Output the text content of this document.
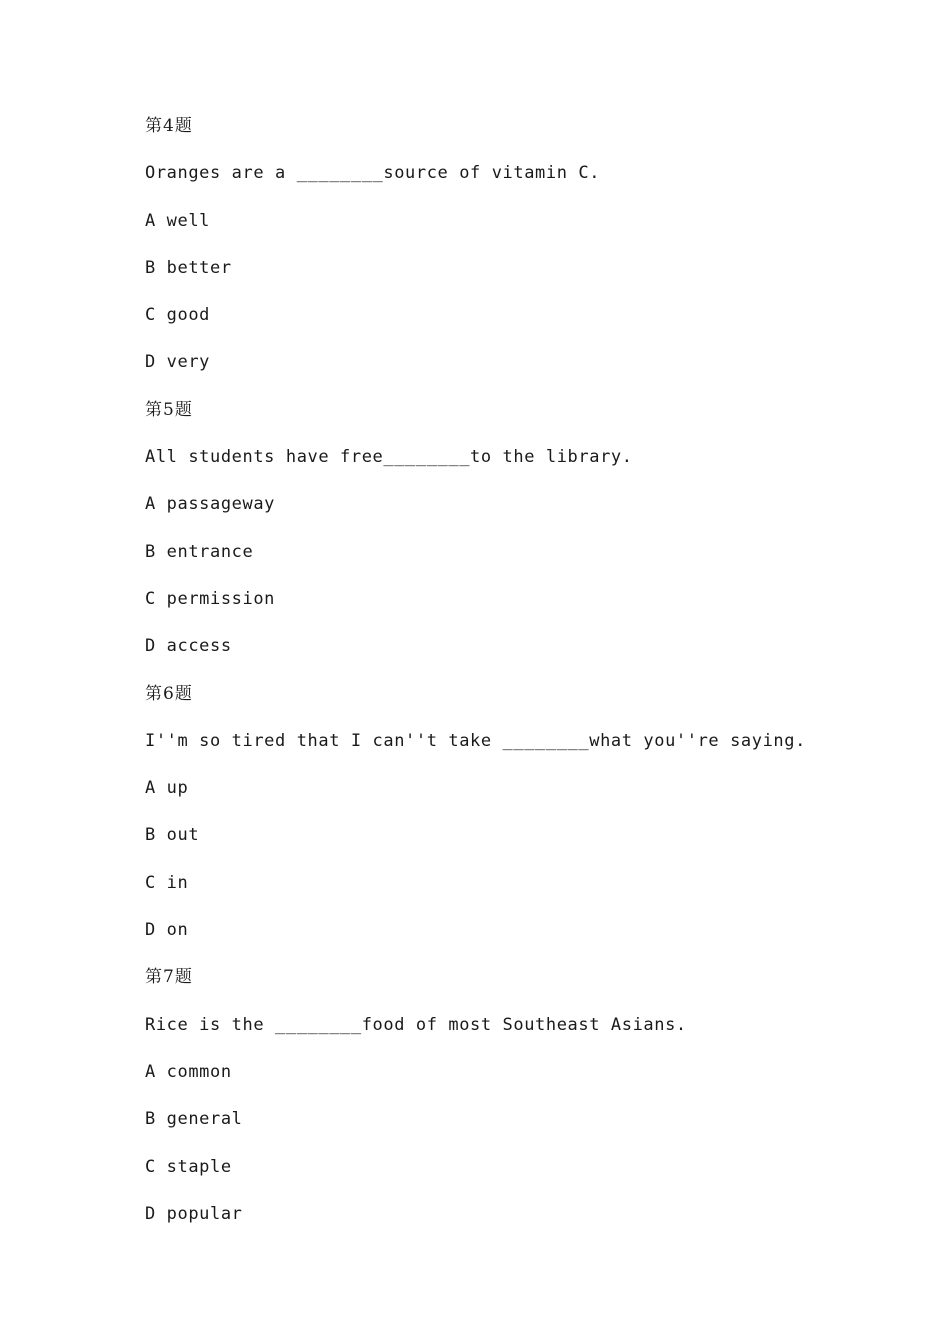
第4题
Oranges are a ________source of vitamin C.
A well
B better
C good
D very
第5题
All students have free________to the library.
A passageway
B entrance
C permission
D access
第6题
I''m so tired that I can''t take ________what you''re saying.
A up
B out
C in
D on
第7题
Rice is the ________food of most Southeast Asians.
A common
B general
C staple
D popular
